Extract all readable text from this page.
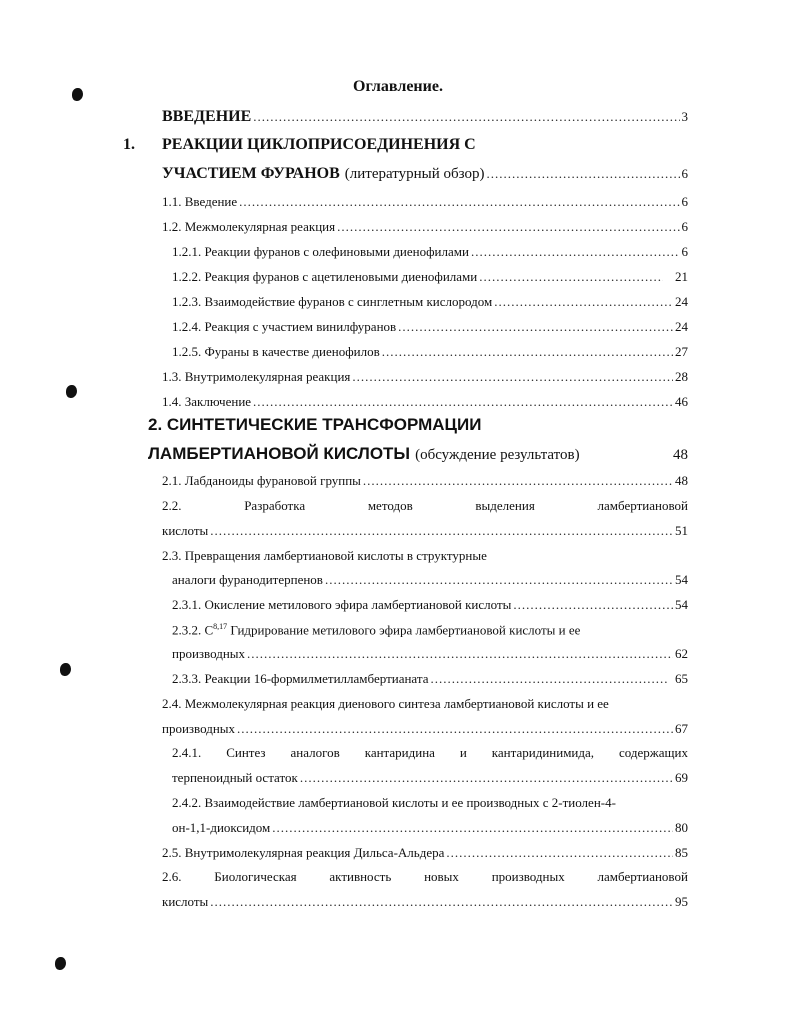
Оглавление.
ВВЕДЕНИЕ .....	3
1. РЕАКЦИИ ЦИКЛОПРИСОЕДИНЕНИЯ С
УЧАСТИЕМ ФУРАНОВ (литературный обзор) .....	6
1.1. Введение .....	6
1.2. Межмолекулярная реакция .....	6
1.2.1. Реакции фуранов с олефиновыми диенофилами .....	6
1.2.2. Реакция фуранов с ацетиленовыми диенофилами .....	21
1.2.3. Взаимодействие фуранов с синглетным кислородом .....	24
1.2.4. Реакция с участием винилфуранов .....	24
1.2.5. Фураны в качестве диенофилов .....	27
1.3. Внутримолекулярная реакция .....	28
1.4. Заключение .....	46
2. СИНТЕТИЧЕСКИЕ ТРАНСФОРМАЦИИ
ЛАМБЕРТИАНОВОЙ КИСЛОТЫ (обсуждение результатов)	48
2.1. Лабданоиды фурановой группы .....	48
2.2.	Разработка	методов	выделения	ламбертиановой
кислоты .....	51
2.3. Превращения ламбертиановой кислоты в структурные
аналоги фуранодитерпенов .....	54
2.3.1. Окисление метилового эфира ламбертиановой кислоты .....	54
2.3.2. C$^{8,17}$ Гидрирование метилового эфира ламбертиановой кислоты и ее
производных .....	62
2.3.3. Реакции 16-формилметилламбертианата .....	65
2.4. Межмолекулярная реакция диенового синтеза ламбертиановой кислоты и ее
производных .....	67
2.4.1. Синтез аналогов кантаридина и кантаридинимида, содержащих
терпеноидный остаток .....	69
2.4.2. Взаимодействие ламбертиановой кислоты и ее производных с 2-тиолен-4-
он-1,1-диоксидом .....	80
2.5. Внутримолекулярная реакция Дильса-Альдера .....	85
2.6.	Биологическая	активность	новых	производных	ламбертиановой
кислоты .....	95
